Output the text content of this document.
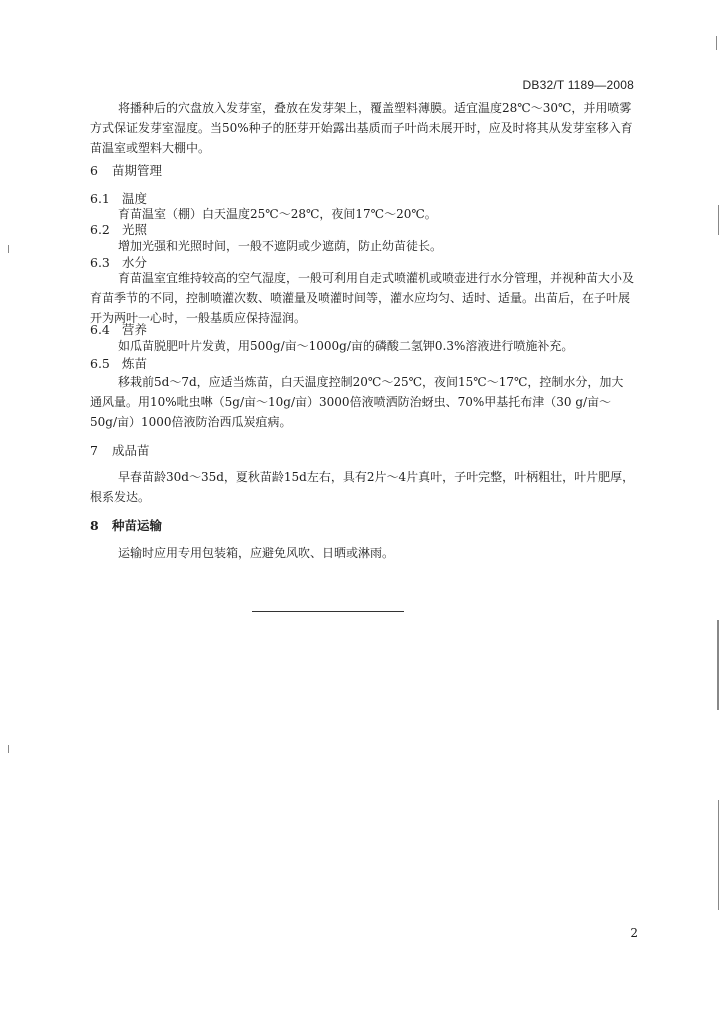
DB32/T 1189—2008
将播种后的穴盘放入发芽室，叠放在发芽架上，覆盖塑料薄膜。适宜温度28℃～30℃，并用喷雾方式保证发芽室湿度。当50%种子的胚芽开始露出基质而子叶尚未展开时，应及时将其从发芽室移入育苗温室或塑料大棚中。
6 苗期管理
6.1 温度
育苗温室（棚）白天温度25℃～28℃，夜间17℃～20℃。
6.2 光照
增加光强和光照时间，一般不遮阴或少遮荫，防止幼苗徒长。
6.3 水分
育苗温室宜维持较高的空气湿度，一般可利用自走式喷灌机或喷壶进行水分管理，并视种苗大小及育苗季节的不同，控制喷灌次数、喷灌量及喷灌时间等，灌水应均匀、适时、适量。出苗后，在子叶展开为两叶一心时，一般基质应保持湿润。
6.4 营养
如瓜苗脱肥叶片发黄，用500g/亩～1000g/亩的磷酸二氢钾0.3%溶液进行喷施补充。
6.5 炼苗
移栽前5d～7d，应适当炼苗，白天温度控制20℃～25℃，夜间15℃～17℃，控制水分，加大通风量。用10%吡虫啉（5g/亩～10g/亩）3000倍液喷洒防治蚜虫、70%甲基托布津（30 g/亩～50g/亩）1000倍液防治西瓜炭疽病。
7 成品苗
早春苗龄30d～35d，夏秋苗龄15d左右，具有2片～4片真叶，子叶完整，叶柄粗壮，叶片肥厚，根系发达。
8 种苗运输
运输时应用专用包装箱，应避免风吹、日晒或淋雨。
2
